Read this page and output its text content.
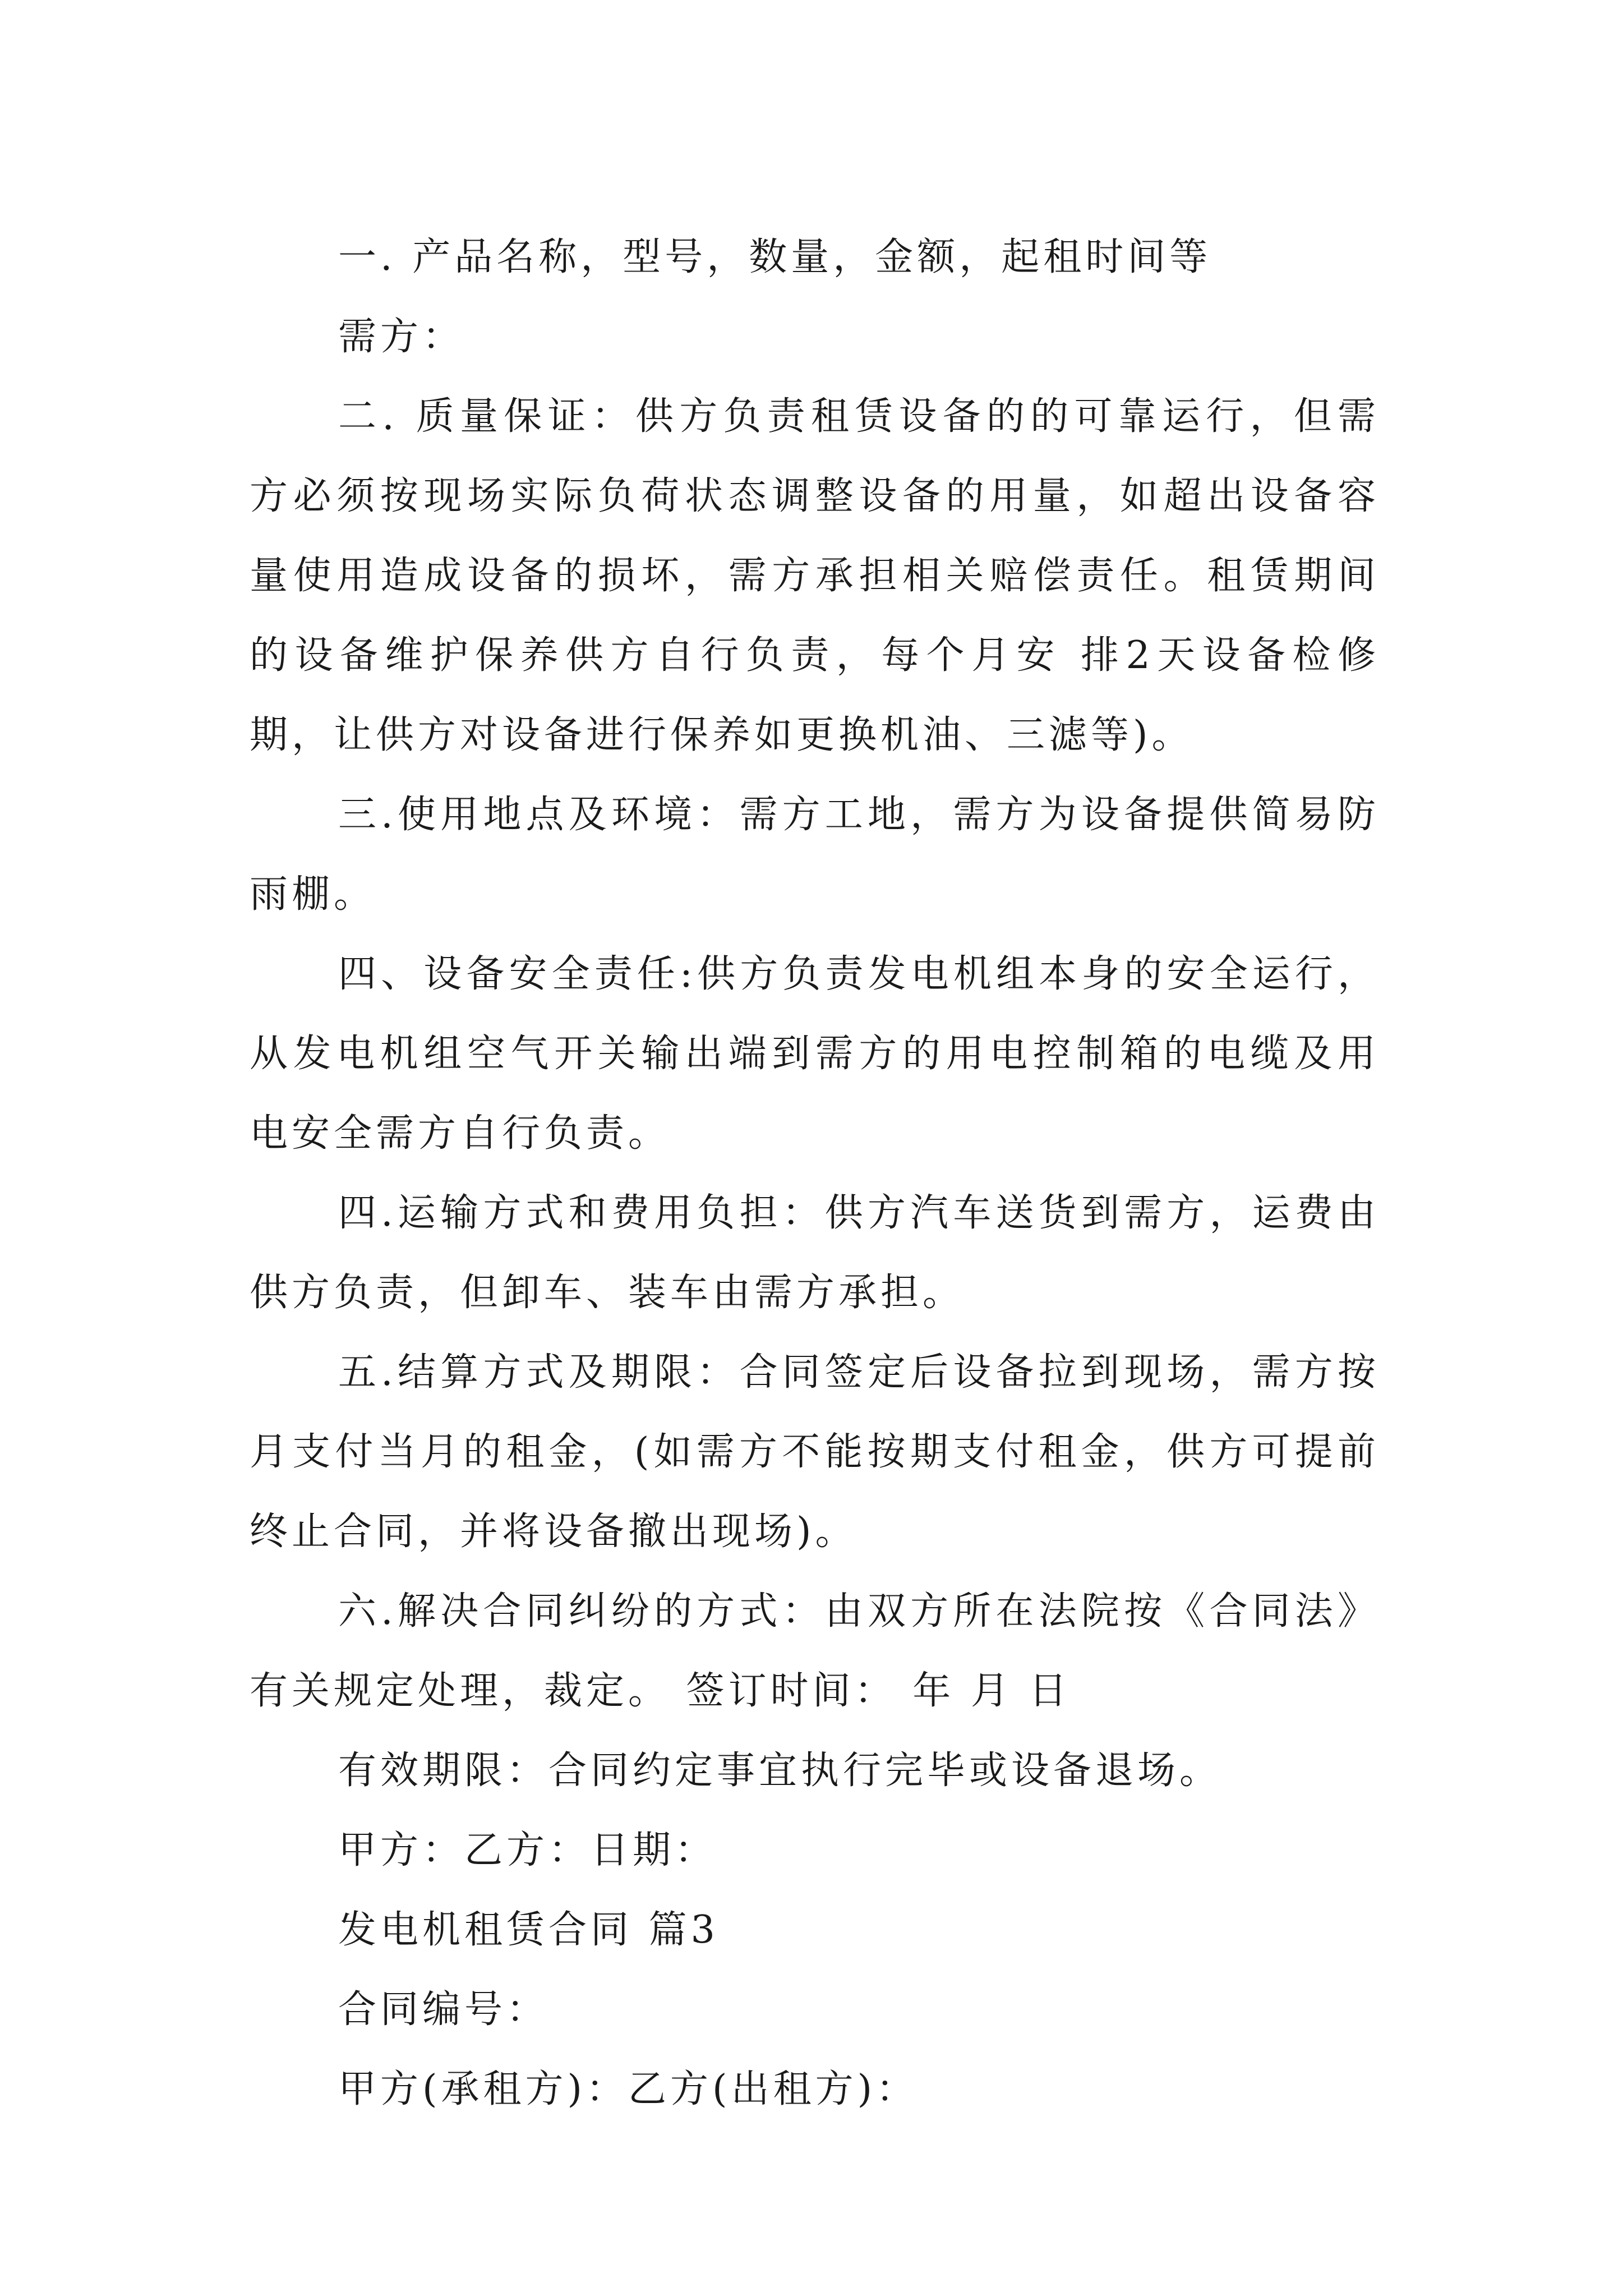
一. 产品名称，型号，数量，金额，起租时间等

需方：

二. 质量保证：供方负责租赁设备的的可靠运行，但需方必须按现场实际负荷状态调整设备的用量，如超出设备容量使用造成设备的损坏，需方承担相关赔偿责任。租赁期间的设备维护保养供方自行负责，每个月安 排2天设备检修期，让供方对设备进行保养如更换机油、三滤等)。

三.使用地点及环境：需方工地，需方为设备提供简易防雨棚。

四、设备安全责任:供方负责发电机组本身的安全运行，从发电机组空气开关输出端到需方的用电控制箱的电缆及用电安全需方自行负责。

四.运输方式和费用负担：供方汽车送货到需方，运费由供方负责，但卸车、装车由需方承担。

五.结算方式及期限：合同签定后设备拉到现场，需方按月支付当月的租金，(如需方不能按期支付租金，供方可提前终止合同，并将设备撤出现场)。

六.解决合同纠纷的方式：由双方所在法院按《合同法》有关规定处理，裁定。 签订时间： 年 月 日

有效期限：合同约定事宜执行完毕或设备退场。

甲方：乙方：日期：

发电机租赁合同 篇3

合同编号：

甲方(承租方)：乙方(出租方)：
